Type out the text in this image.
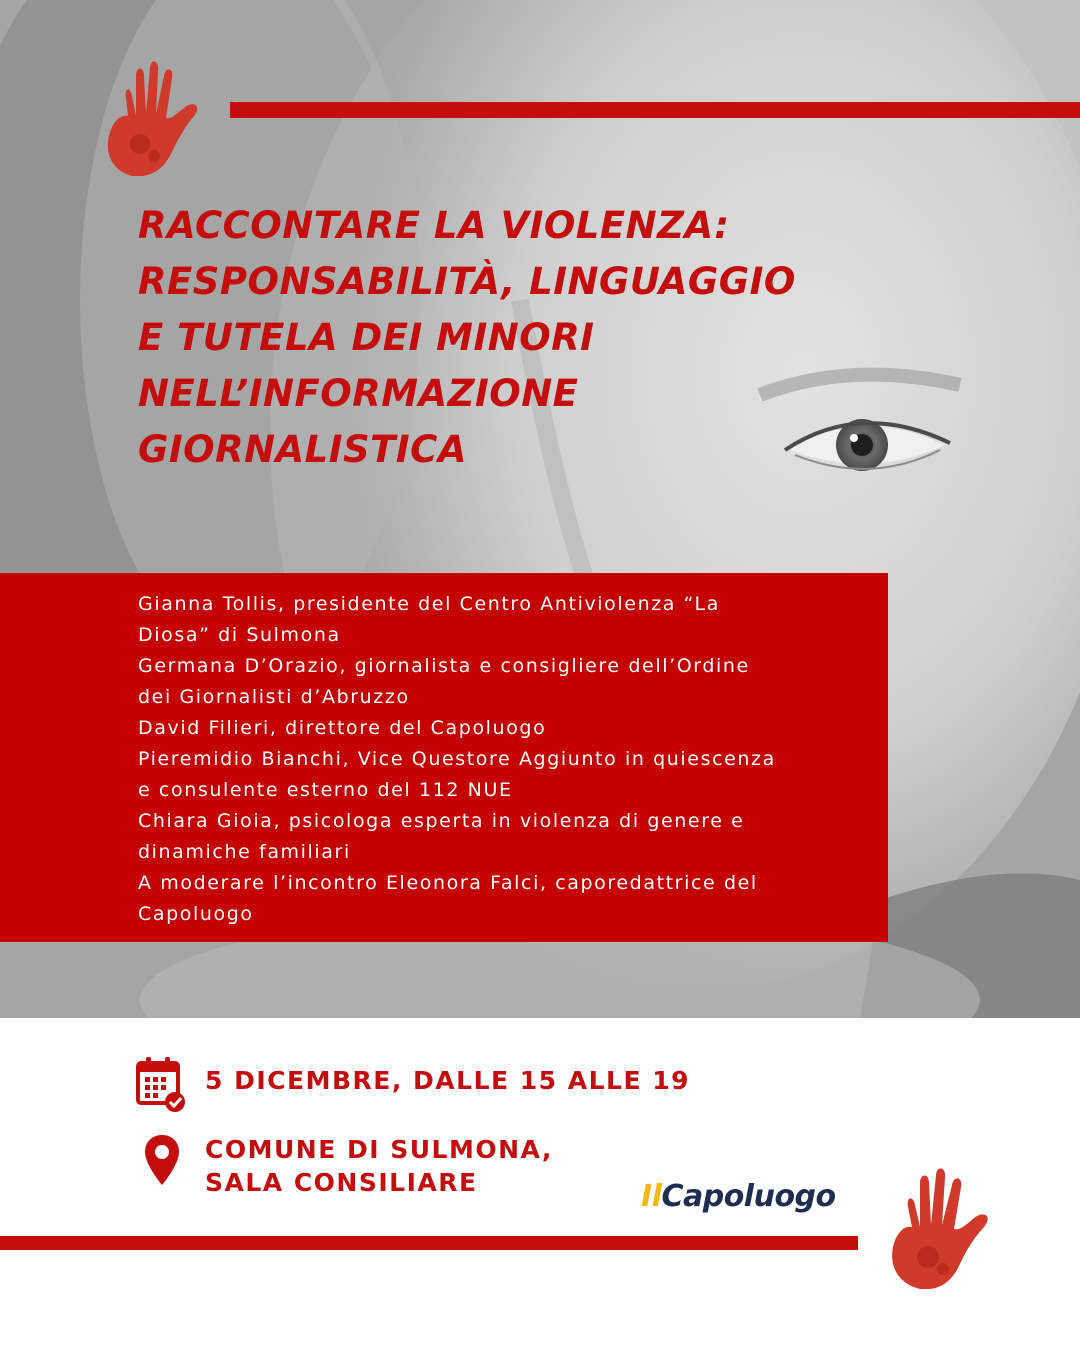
RACCONTARE LA VIOLENZA:
RESPONSABILITÀ, LINGUAGGIO
E TUTELA DEI MINORI
NELL’INFORMAZIONE
GIORNALISTICA
Gianna Tollis, presidente del Centro Antiviolenza “La
Diosa” di Sulmona
Germana D’Orazio, giornalista e consigliere dell’Ordine
dei Giornalisti d’Abruzzo
David Filieri, direttore del Capoluogo
Pieremidio Bianchi, Vice Questore Aggiunto in quiescenza
e consulente esterno del 112 NUE
Chiara Gioia, psicologa esperta in violenza di genere e
dinamiche familiari
A moderare l’incontro Eleonora Falci, caporedattrice del
Capoluogo
5 DICEMBRE, DALLE 15 ALLE 19
COMUNE DI SULMONA,
SALA CONSILIARE	IlCapoluogo
